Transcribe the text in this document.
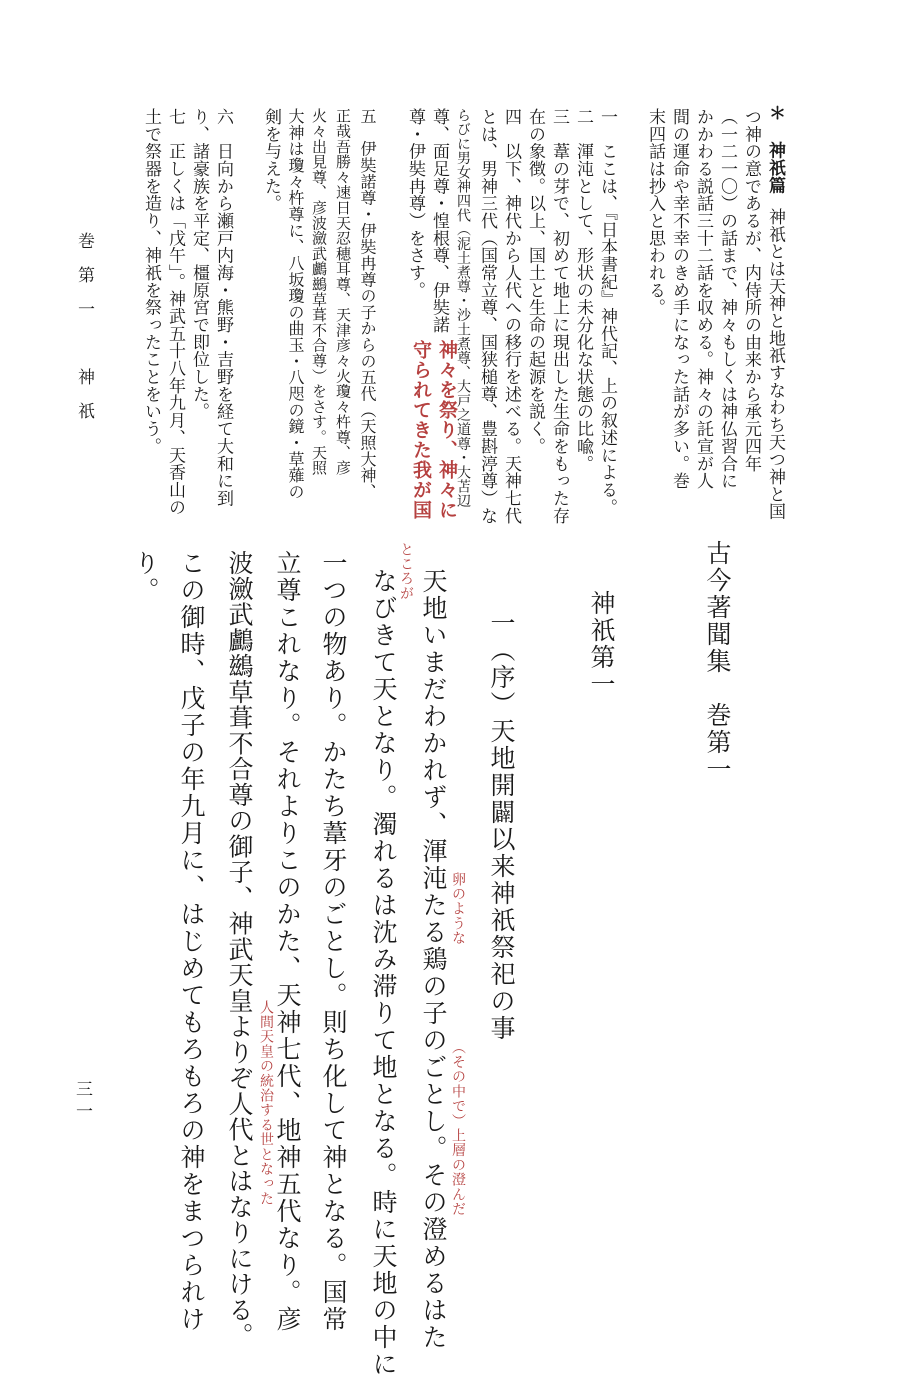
＊ 神祇篇
神祇とは天神と地祇すなわち天つ神と国
つ神の意であるが、内侍所の由来から承元四年
（一二一〇）の話まで、神々もしくは神仏習合に
かかわる説話三十二話を収める。神々の託宣が人
間の運命や幸不幸のきめ手になった話が多い。巻
末四話は抄入と思われる。
一　ここは、『日本書紀』神代記、上の叙述による。
二　渾沌として、形状の未分化な状態の比喩。
三　葦の芽で、初めて地上に現出した生命をもった存
在の象徴。以上、国土と生命の起源を説く。
四　以下、神代から人代への移行を述べる。天神七代
とは、男神三代（国常立尊、国狭槌尊、豊斟渟尊）な
らびに男女神四代（泥土煮尊・沙土煮尊、大戸之道尊・大苫辺
尊、面足尊・惶根尊、伊奘諾
尊・伊奘冉尊）をさす。
神々を祭り、神々に
守られてきた我が国
五　伊奘諾尊・伊奘冉尊の子からの五代（天照大神、
正哉吾勝々速日天忍穂耳尊、天津彦々火瓊々杵尊、彦
火々出見尊、彦波瀲武鸕鷀草葺不合尊）をさす。天照
大神は瓊々杵尊に、八坂瓊の曲玉・八咫の鏡・草薙の
剣を与えた。
六　日向から瀬戸内海・熊野・吉野を経て大和に到
り、諸豪族を平定、橿原宮で即位した。
七　正しくは「戊午」。神武五十八年九月、天香山の
土で祭器を造り、神祇を祭ったことをいう。
古今著聞集　巻第一
神祇第一
一（序）天地開闢以来神祇祭祀の事
天地いまだわかれず、渾沌たる鶏の子のごとし。その澄めるはた
なびきて天となり。濁れるは沈み滞りて地となる。時に天地の中に
一つの物あり。かたち葦牙のごとし。則ち化して神となる。国常
立尊これなり。それよりこのかた、天神七代、地神五代なり。彦
波瀲武鸕鷀草葺不合尊の御子、神武天皇よりぞ人代とはなりにける。
この御時、戊子の年九月に、はじめてもろもろの神をまつられけ
り。	ところが
卵のような
（その中で）上層の澄んだ
人間天皇の統治する世となった
巻第一　神祇
三一
